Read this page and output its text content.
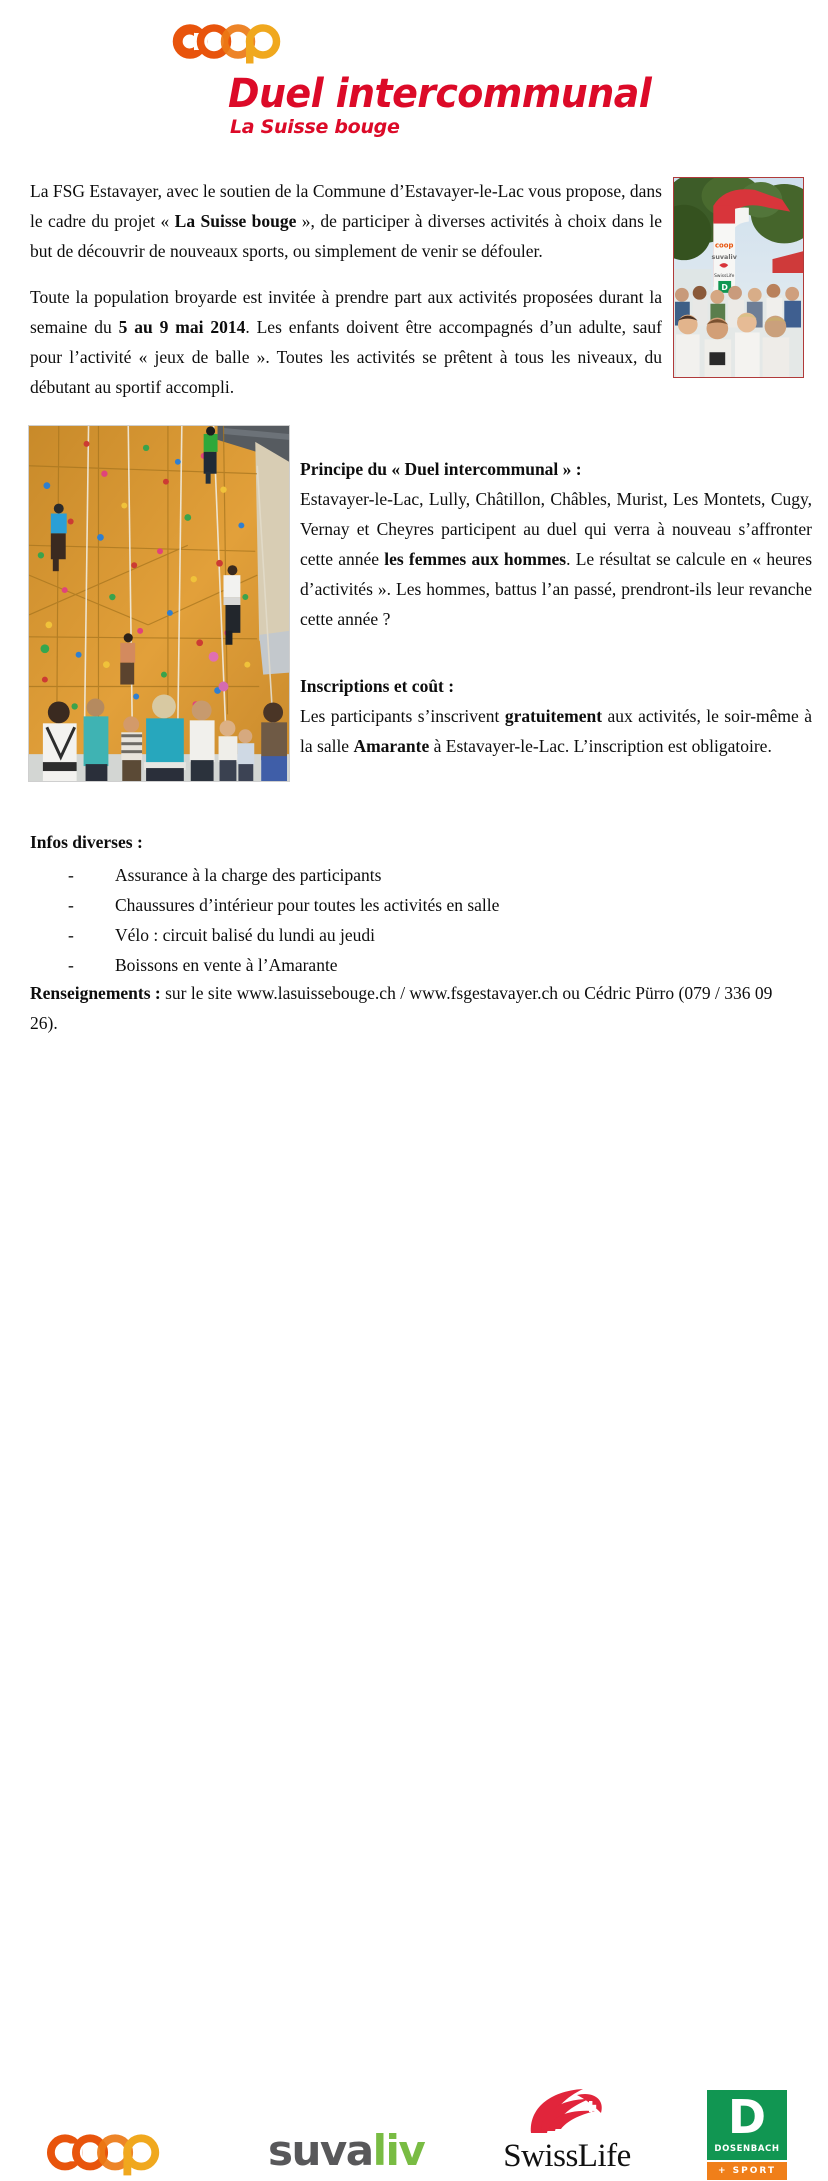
Duel intercommunal
La Suisse bouge

La FSG Estavayer, avec le soutien de la Commune d’Estavayer-le-Lac vous propose, dans le cadre du projet « La Suisse bouge », de participer à diverses activités à choix dans le but de découvrir de nouveaux sports, ou simplement de venir se défouler.

Toute la population broyarde est invitée à prendre part aux activités proposées durant la semaine du 5 au 9 mai 2014. Les enfants doivent être accompagnés d’un adulte, sauf pour l’activité « jeux de balle ». Toutes les activités se prêtent à tous les niveaux, du débutant au sportif accompli.

coop
suvaliv
SwissLife
D

Principe du « Duel intercommunal » :

Estavayer-le-Lac, Lully, Châtillon, Châbles, Murist, Les Montets, Cugy, Vernay et Cheyres participent au duel qui verra à nouveau s’affronter cette année les femmes aux hommes. Le résultat se calcule en « heures d’activités ». Les hommes, battus l’an passé, prendront-ils leur revanche cette année ?

Inscriptions et coût :

Les participants s’inscrivent gratuitement aux activités, le soir-même à la salle Amarante à Estavayer-le-Lac. L’inscription est obligatoire.

Infos diverses :

- Assurance à la charge des participants
- Chaussures d’intérieur pour toutes les activités en salle
- Vélo : circuit balisé du lundi au jeudi
- Boissons en vente à l’Amarante
Renseignements : sur le site www.lasuissebouge.ch / www.fsgestavayer.ch ou Cédric Pürro (079 / 336 09 26).
suvaliv SwissLife
D
DOSENBACH
+ SPORT
